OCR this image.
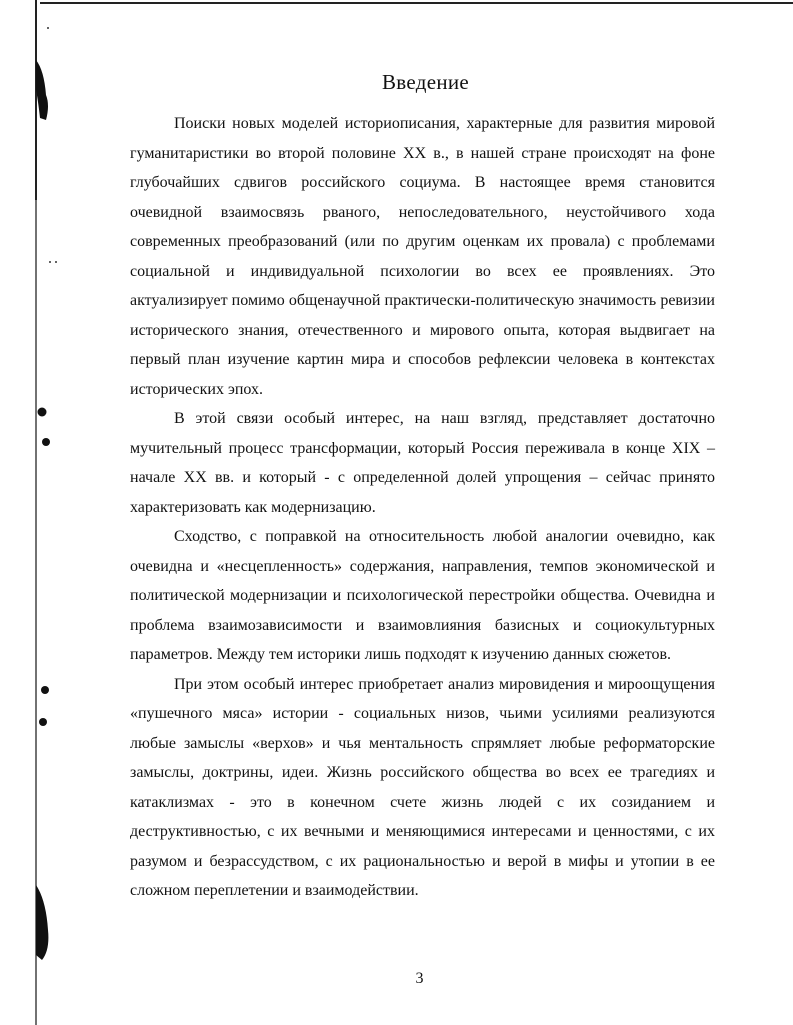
Введение

Поиски новых моделей историописания, характерные для развития мировой гуманитаристики во второй половине XX в., в нашей стране происходят на фоне глубочайших сдвигов российского социума. В настоящее время становится очевидной взаимосвязь рваного, непоследовательного, неустойчивого хода современных преобразований (или по другим оценкам их провала) с проблемами социальной и индивидуальной психологии во всех ее проявлениях. Это актуализирует помимо общенаучной практически-политическую значимость ревизии исторического знания, отечественного и мирового опыта, которая выдвигает на первый план изучение картин мира и способов рефлексии человека в контекстах исторических эпох.

В этой связи особый интерес, на наш взгляд, представляет достаточно мучительный процесс трансформации, который Россия переживала в конце XIX – начале XX вв. и который - с определенной долей упрощения – сейчас принято характеризовать как модернизацию.

Сходство, с поправкой на относительность любой аналогии очевидно, как очевидна и «несцепленность» содержания, направления, темпов экономической и политической модернизации и психологической перестройки общества. Очевидна и проблема взаимозависимости и взаимовлияния базисных и социокультурных параметров. Между тем историки лишь подходят к изучению данных сюжетов.

При этом особый интерес приобретает анализ мировидения и мироощущения «пушечного мяса» истории - социальных низов, чьими усилиями реализуются любые замыслы «верхов» и чья ментальность спрямляет любые реформаторские замыслы, доктрины, идеи. Жизнь российского общества во всех ее трагедиях и катаклизмах - это в конечном счете жизнь людей с их созиданием и деструктивностью, с их вечными и меняющимися интересами и ценностями, с их разумом и безрассудством, с их рациональностью и верой в мифы и утопии в ее сложном переплетении и взаимодействии.

3
